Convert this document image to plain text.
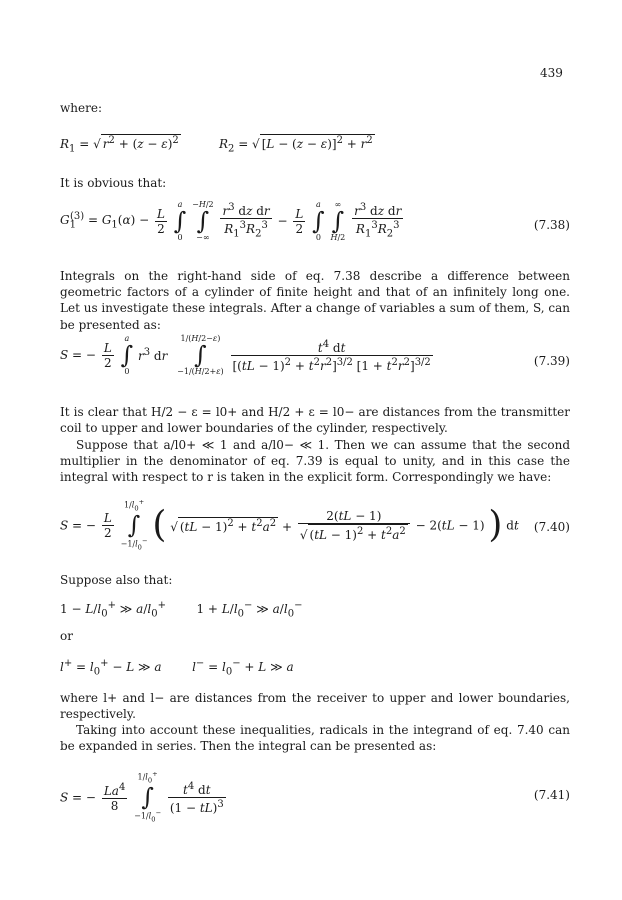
439

where:

$R_1$ = √ $r^2 + (z - \varepsilon)^2$	$R_2$ = √ $[L - (z - \varepsilon)]^2 + r^2$

It is obvious that:

$G_1^{(3)} = G_1(\alpha) - \frac{L}{2}$

a
∫
0

−H/2
∫
−∞
$\frac{r^3 dz dr}{R_1^3R_2^3} - \frac{L}{2}$

a
∫
0

∞
∫
H/2
$\frac{r^3 dz dr}{R_1^3R_2^3}$	(7.38)

Integrals on the right-hand side of eq. 7.38 describe a difference between geometric factors of a cylinder of finite height and that of an infinitely long one. Let us investigate these integrals. After a change of variables a sum of them, S, can be presented as:

S = − $\frac{L}{2}$

a
∫
0
$r^3$ dr
1/(H/2−ε)
∫
−1/(H/2+ε)
$\frac{t^4 dt}{[(tL - 1)^2 + t^2r^2]^{3/2} [1 + t^2r^2]^{3/2}}$	(7.39)

It is clear that H/2 − ε = l0+ and H/2 + ε = l0− are distances from the transmitter coil to upper and lower boundaries of the cylinder, respectively.

Suppose that a/l0+ ≪ 1 and a/l0− ≪ 1. Then we can assume that the second multiplier in the denominator of eq. 7.39 is equal to unity, and in this case the integral with respect to r is taken in the explicit form. Correspondingly we have:

S = − $\frac{L}{2}$

$1/l_0^+$
∫
$-1/l_0^-$ ( √ $(tL - 1)^2 + t^2a^2 + \frac{2(tL - 1)}{√ (tL - 1)^2 + t^2a^2} - 2(tL - 1)$ ) dt (7.40)

Suppose also that:

$1 - L/l_0^+$ ≫ $a/l_0^+$        $1 + L/l_0^-$ ≫ $a/l_0^-$

or

$l^+ = l_0^+ - L$ ≫ a	$l^- = l_0^- + L$ ≫ a

where l+ and l− are distances from the receiver to upper and lower boundaries, respectively.

Taking into account these inequalities, radicals in the integrand of eq. 7.40 can be expanded in series. Then the integral can be presented as:

S = − $\frac{La^4}{8}$

$1/l_0^+$
∫
$-1/l_0^-$
$\frac{t^4 dt}{(1 - tL)^3}$	(7.41)
